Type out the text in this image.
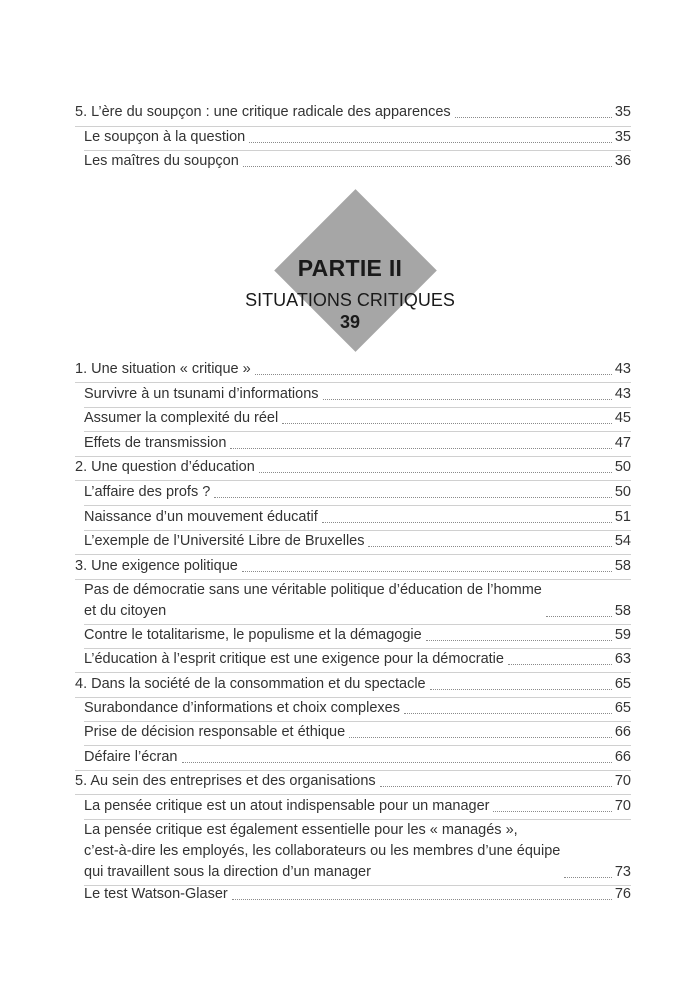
5. L’ère du soupçon : une critique radicale des apparences	35
Le soupçon à la question	35
Les maîtres du soupçon	36
PARTIE II
SITUATIONS CRITIQUES
39
1. Une situation « critique »	43
Survivre à un tsunami d’informations	43
Assumer la complexité du réel	45
Effets de transmission	47
2. Une question d’éducation	50
L’affaire des profs ?	50
Naissance d’un mouvement éducatif	51
L’exemple de l’Université Libre de Bruxelles	54
3. Une exigence politique	58
Pas de démocratie sans une véritable politique d’éducation de l’homme
et du citoyen	58
Contre le totalitarisme, le populisme et la démagogie	59
L’éducation à l’esprit critique est une exigence pour la démocratie	63
4. Dans la société de la consommation et du spectacle	65
Surabondance d’informations et choix complexes	65
Prise de décision responsable et éthique	66
Défaire l’écran	66
5. Au sein des entreprises et des organisations	70
La pensée critique est un atout indispensable pour un manager	70
La pensée critique est également essentielle pour les « managés »,
c’est-à-dire les employés, les collaborateurs ou les membres d’une équipe
qui travaillent sous la direction d’un manager	73
Le test Watson-Glaser	76
